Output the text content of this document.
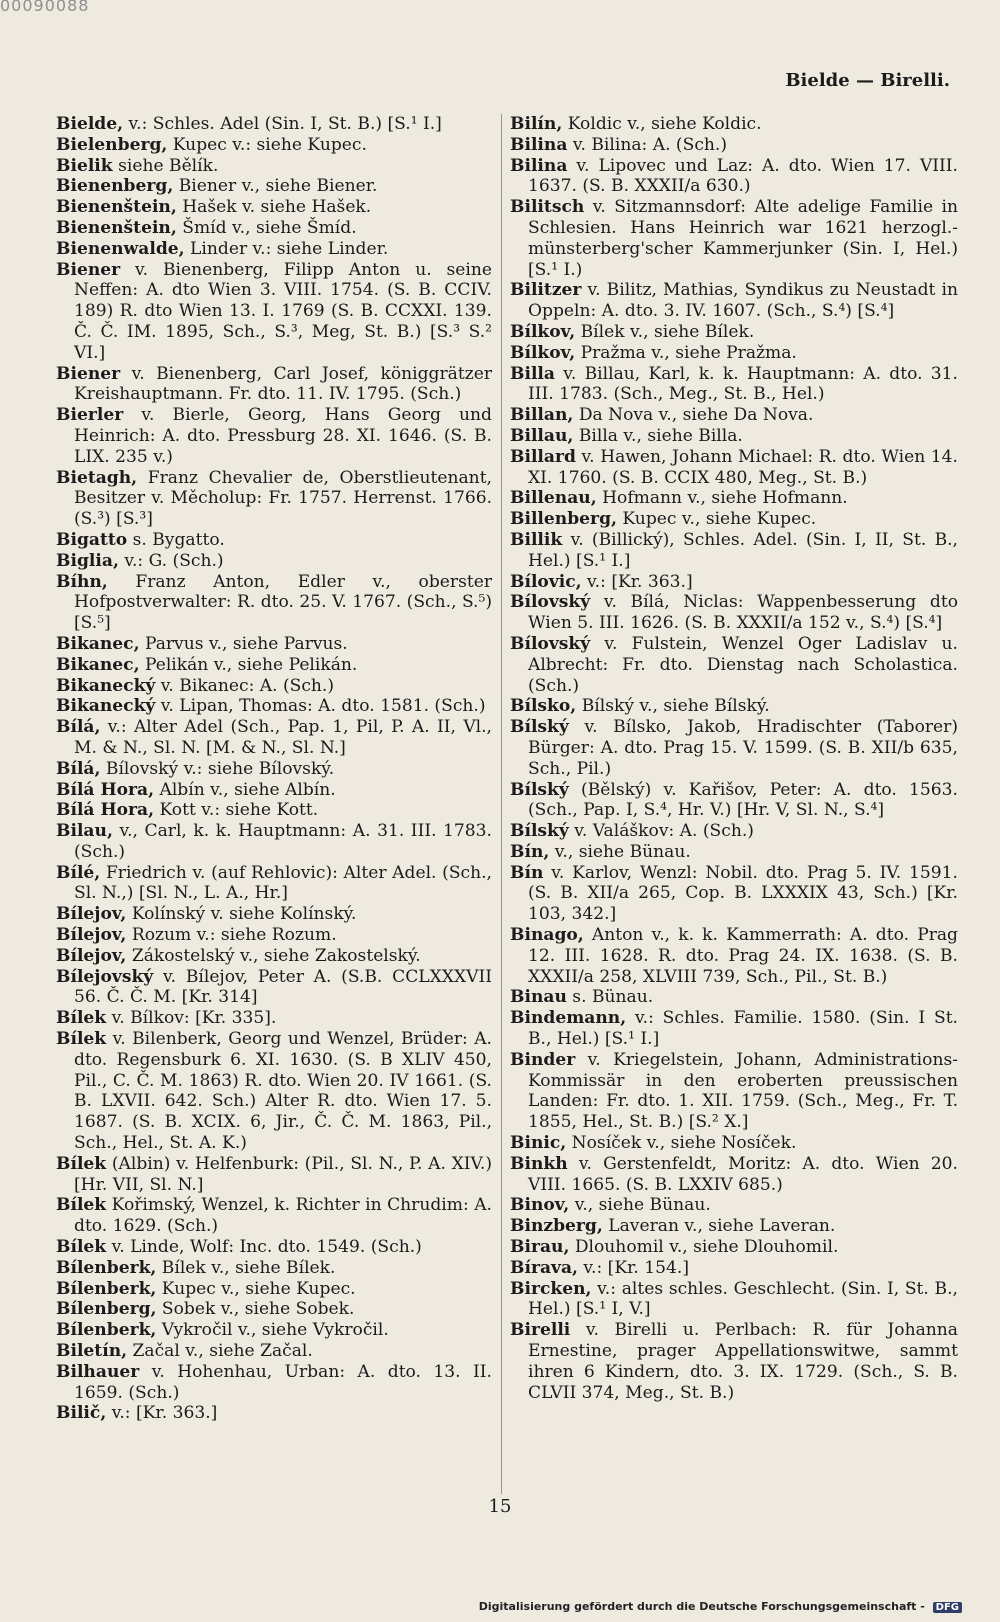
00090088
Bielde — Birelli.

Bielde, v.: Schles. Adel (Sin. I, St. B.) [S.¹ I.]

Bielenberg, Kupec v.: siehe Kupec.

Bielik siehe Bělík.

Bienenberg, Biener v., siehe Biener.

Bienenštein, Hašek v. siehe Hašek.

Bienenštein, Šmíd v., siehe Šmíd.

Bienenwalde, Linder v.: siehe Linder.

Biener v. Bienenberg, Filipp Anton u. seine Neffen: A. dto Wien 3. VIII. 1754. (S. B. CCIV. 189) R. dto Wien 13. I. 1769 (S. B. CCXXI. 139. Č. Č. IM. 1895, Sch., S.³, Meg, St. B.) [S.³ S.² VI.]

Biener v. Bienenberg, Carl Josef, königgrätzer Kreishauptmann. Fr. dto. 11. IV. 1795. (Sch.)

Bierler v. Bierle, Georg, Hans Georg und Heinrich: A. dto. Pressburg 28. XI. 1646. (S. B. LIX. 235 v.)

Bietagh, Franz Chevalier de, Oberstlieutenant, Besitzer v. Měcholup: Fr. 1757. Herrenst. 1766. (S.³) [S.³]

Bigatto s. Bygatto.

Biglia, v.: G. (Sch.)

Bíhn, Franz Anton, Edler v., oberster Hofpostverwalter: R. dto. 25. V. 1767. (Sch., S.⁵) [S.⁵]

Bikanec, Parvus v., siehe Parvus.

Bikanec, Pelikán v., siehe Pelikán.

Bikanecký v. Bikanec: A. (Sch.)

Bikanecký v. Lipan, Thomas: A. dto. 1581. (Sch.)

Bílá, v.: Alter Adel (Sch., Pap. 1, Pil, P. A. II, Vl., M. & N., Sl. N. [M. & N., Sl. N.]

Bílá, Bílovský v.: siehe Bílovský.

Bílá Hora, Albín v., siehe Albín.

Bílá Hora, Kott v.: siehe Kott.

Bilau, v., Carl, k. k. Hauptmann: A. 31. III. 1783. (Sch.)

Bílé, Friedrich v. (auf Rehlovic): Alter Adel. (Sch., Sl. N.,) [Sl. N., L. A., Hr.]

Bílejov, Kolínský v. siehe Kolínský.

Bílejov, Rozum v.: siehe Rozum.

Bílejov, Zákostelský v., siehe Zakostelský.

Bílejovský v. Bílejov, Peter A. (S.B. CCLXXXVII 56. Č. Č. M. [Kr. 314]

Bílek v. Bílkov: [Kr. 335].

Bílek v. Bilenberk, Georg und Wenzel, Brüder: A. dto. Regensburk 6. XI. 1630. (S. B XLIV 450, Pil., C. Č. M. 1863) R. dto. Wien 20. IV 1661. (S. B. LXVII. 642. Sch.) Alter R. dto. Wien 17. 5. 1687. (S. B. XCIX. 6, Jir., Č. Č. M. 1863, Pil., Sch., Hel., St. A. K.)

Bílek (Albin) v. Helfenburk: (Pil., Sl. N., P. A. XIV.) [Hr. VII, Sl. N.]

Bílek Kořimský, Wenzel, k. Richter in Chrudim: A. dto. 1629. (Sch.)

Bílek v. Linde, Wolf: Inc. dto. 1549. (Sch.)

Bílenberk, Bílek v., siehe Bílek.

Bílenberk, Kupec v., siehe Kupec.

Bílenberg, Sobek v., siehe Sobek.

Bílenberk, Vykročil v., siehe Vykročil.

Biletín, Začal v., siehe Začal.

Bilhauer v. Hohenhau, Urban: A. dto. 13. II. 1659. (Sch.)

Bilič, v.: [Kr. 363.]

Bilín, Koldic v., siehe Koldic.

Bilina v. Bilina: A. (Sch.)

Bilina v. Lipovec und Laz: A. dto. Wien 17. VIII. 1637. (S. B. XXXII/a 630.)

Bilitsch v. Sitzmannsdorf: Alte adelige Familie in Schlesien. Hans Heinrich war 1621 herzogl.-münsterberg'scher Kammerjunker (Sin. I, Hel.) [S.¹ I.)

Bilitzer v. Bilitz, Mathias, Syndikus zu Neustadt in Oppeln: A. dto. 3. IV. 1607. (Sch., S.⁴) [S.⁴]

Bílkov, Bílek v., siehe Bílek.

Bílkov, Pražma v., siehe Pražma.

Billa v. Billau, Karl, k. k. Hauptmann: A. dto. 31. III. 1783. (Sch., Meg., St. B., Hel.)

Billan, Da Nova v., siehe Da Nova.

Billau, Billa v., siehe Billa.

Billard v. Hawen, Johann Michael: R. dto. Wien 14. XI. 1760. (S. B. CCIX 480, Meg., St. B.)

Billenau, Hofmann v., siehe Hofmann.

Billenberg, Kupec v., siehe Kupec.

Billik v. (Billický), Schles. Adel. (Sin. I, II, St. B., Hel.) [S.¹ I.]

Bílovic, v.: [Kr. 363.]

Bílovský v. Bílá, Niclas: Wappenbesserung dto Wien 5. III. 1626. (S. B. XXXII/a 152 v., S.⁴) [S.⁴]

Bílovský v. Fulstein, Wenzel Oger Ladislav u. Albrecht: Fr. dto. Dienstag nach Scholastica. (Sch.)

Bílsko, Bílský v., siehe Bílský.

Bílský v. Bílsko, Jakob, Hradischter (Taborer) Bürger: A. dto. Prag 15. V. 1599. (S. B. XII/b 635, Sch., Pil.)

Bílský (Bělský) v. Kařišov, Peter: A. dto. 1563. (Sch., Pap. I, S.⁴, Hr. V.) [Hr. V, Sl. N., S.⁴]

Bílský v. Valáškov: A. (Sch.)

Bín, v., siehe Bünau.

Bín v. Karlov, Wenzl: Nobil. dto. Prag 5. IV. 1591. (S. B. XII/a 265, Cop. B. LXXXIX 43, Sch.) [Kr. 103, 342.]

Binago, Anton v., k. k. Kammerrath: A. dto. Prag 12. III. 1628. R. dto. Prag 24. IX. 1638. (S. B. XXXII/a 258, XLVIII 739, Sch., Pil., St. B.)

Binau s. Bünau.

Bindemann, v.: Schles. Familie. 1580. (Sin. I St. B., Hel.) [S.¹ I.]

Binder v. Kriegelstein, Johann, Administrations-Kommissär in den eroberten preussischen Landen: Fr. dto. 1. XII. 1759. (Sch., Meg., Fr. T. 1855, Hel., St. B.) [S.² X.]

Binic, Nosíček v., siehe Nosíček.

Binkh v. Gerstenfeldt, Moritz: A. dto. Wien 20. VIII. 1665. (S. B. LXXIV 685.)

Binov, v., siehe Bünau.

Binzberg, Laveran v., siehe Laveran.

Birau, Dlouhomil v., siehe Dlouhomil.

Bírava, v.: [Kr. 154.]

Bircken, v.: altes schles. Geschlecht. (Sin. I, St. B., Hel.) [S.¹ I, V.]

Birelli v. Birelli u. Perlbach: R. für Johanna Ernestine, prager Appellationswitwe, sammt ihren 6 Kindern, dto. 3. IX. 1729. (Sch., S. B. CLVII 374, Meg., St. B.)

15
Digitalisierung gefördert durch die Deutsche Forschungsgemeinschaft - DFG
